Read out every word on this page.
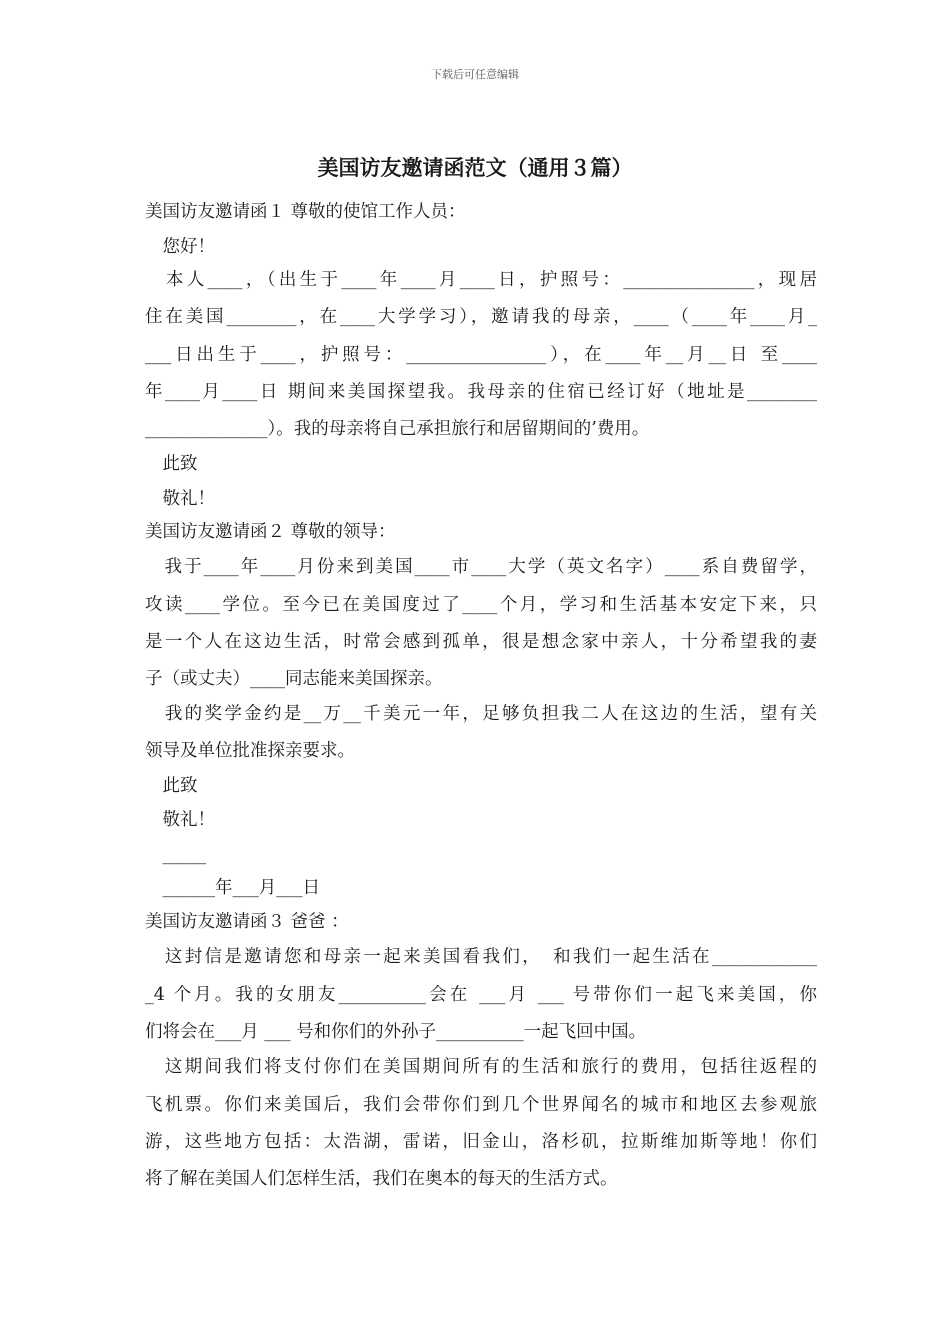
下载后可任意编辑
美国访友邀请函范文（通用３篇）
美国访友邀请函１ 尊敬的使馆工作人员：
　您好！
　本人____，（出生于____年____月____日，护照号：_______________，现居
住在美国________，在____大学学习），邀请我的母亲，____（____年____月_
___日出生于____，护照号：________________），在____年__月__日 至____
年____月____日 期间来美国探望我。我母亲的住宿已经订好（地址是________
______________）。我的母亲将自己承担旅行和居留期间的’费用。
　此致
　敬礼！
美国访友邀请函２ 尊敬的领导：
　我于____年____月份来到美国____市____大学（英文名字）____系自费留学，
攻读____学位。至今已在美国度过了____个月，学习和生活基本安定下来，只
是一个人在这边生活，时常会感到孤单，很是想念家中亲人，十分希望我的妻
子（或丈夫）____同志能来美国探亲。
　我的奖学金约是__万__千美元一年，足够负担我二人在这边的生活，望有关
领导及单位批准探亲要求。
　此致
　敬礼！
　_____
　______年___月___日
美国访友邀请函３ 爸爸 ：
　这封信是邀请您和母亲一起来美国看我们，　和我们一起生活在____________
_4 个月。我的女朋友__________会在 ___月 ___ 号带你们一起飞来美国，你
们将会在___月 ___ 号和你们的外孙子__________一起飞回中国。
　这期间我们将支付你们在美国期间所有的生活和旅行的费用，包括往返程的
飞机票。你们来美国后，我们会带你们到几个世界闻名的城市和地区去参观旅
游，这些地方包括：太浩湖，雷诺，旧金山，洛杉矶，拉斯维加斯等地！你们
将了解在美国人们怎样生活，我们在奥本的每天的生活方式。
